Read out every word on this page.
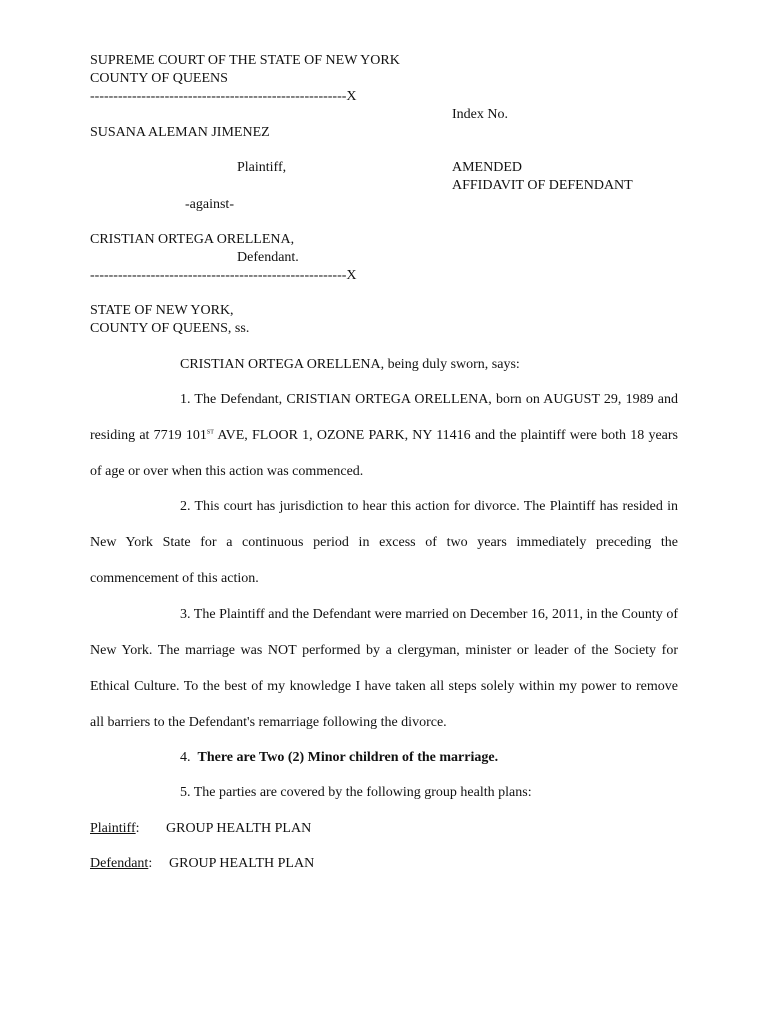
SUPREME COURT OF THE STATE OF NEW YORK
COUNTY OF QUEENS
-------------------------------------------------------X
Index No.
SUSANA ALEMAN JIMENEZ
Plaintiff,	AMENDED
AFFIDAVIT OF DEFENDANT
-against-
CRISTIAN ORTEGA ORELLENA,
Defendant.
-------------------------------------------------------X
STATE OF NEW YORK,
COUNTY OF QUEENS, ss.
CRISTIAN ORTEGA ORELLENA, being duly sworn, says:

1. The Defendant, CRISTIAN ORTEGA ORELLENA, born on AUGUST 29, 1989 and residing at 7719 101ST AVE, FLOOR 1, OZONE PARK, NY 11416 and the plaintiff were both 18 years of age or over when this action was commenced.

2. This court has jurisdiction to hear this action for divorce. The Plaintiff has resided in New York State for a continuous period in excess of two years immediately preceding the commencement of this action.

3. The Plaintiff and the Defendant were married on December 16, 2011, in the County of New York. The marriage was NOT performed by a clergyman, minister or leader of the Society for Ethical Culture. To the best of my knowledge I have taken all steps solely within my power to remove all barriers to the Defendant's remarriage following the divorce.

4. There are Two (2) Minor children of the marriage.
5. The parties are covered by the following group health plans:
Plaintiff: GROUP HEALTH PLAN
Defendant: GROUP HEALTH PLAN
